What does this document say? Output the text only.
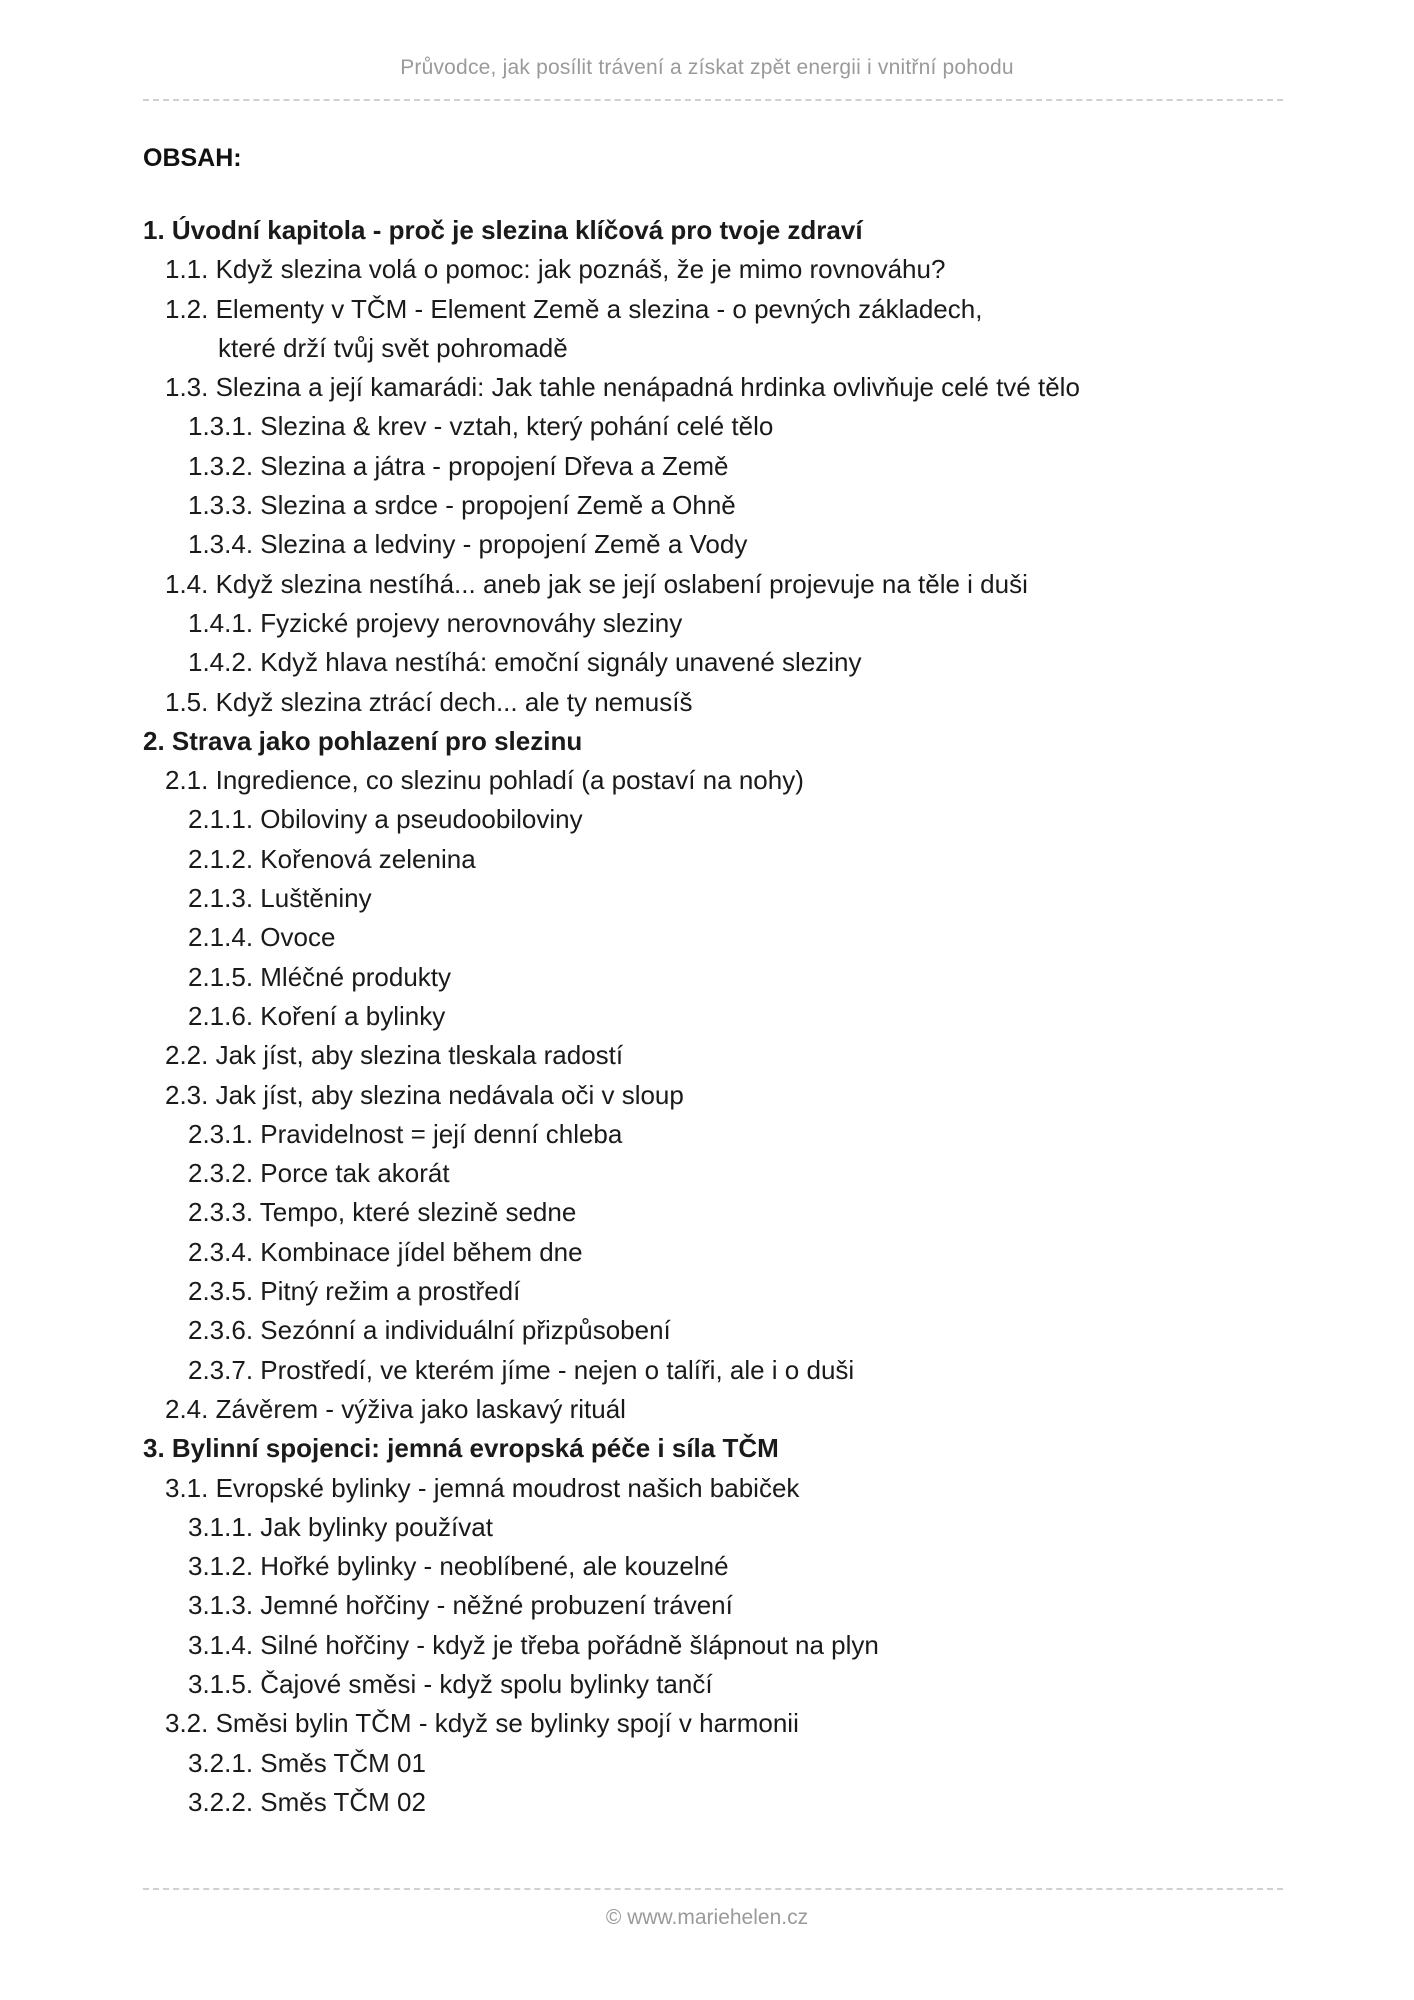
Průvodce, jak posílit trávení a získat zpět energii i vnitřní pohodu
OBSAH:
1. Úvodní kapitola - proč je slezina klíčová pro tvoje zdraví
1.1. Když slezina volá o pomoc: jak poznáš, že je mimo rovnováhu?
1.2. Elementy v TČM - Element Země a slezina - o pevných základech,
které drží tvůj svět pohromadě
1.3. Slezina a její kamarádi: Jak tahle nenápadná hrdinka ovlivňuje celé tvé tělo
1.3.1. Slezina & krev - vztah, který pohání celé tělo
1.3.2. Slezina a játra - propojení Dřeva a Země
1.3.3. Slezina a srdce - propojení Země a Ohně
1.3.4. Slezina a ledviny - propojení Země a Vody
1.4. Když slezina nestíhá... aneb jak se její oslabení projevuje na těle i duši
1.4.1. Fyzické projevy nerovnováhy sleziny
1.4.2. Když hlava nestíhá: emoční signály unavené sleziny
1.5. Když slezina ztrácí dech... ale ty nemusíš
2. Strava jako pohlazení pro slezinu
2.1. Ingredience, co slezinu pohladí (a postaví na nohy)
2.1.1. Obiloviny a pseudoobiloviny
2.1.2. Kořenová zelenina
2.1.3. Luštěniny
2.1.4. Ovoce
2.1.5. Mléčné produkty
2.1.6. Koření a bylinky
2.2. Jak jíst, aby slezina tleskala radostí
2.3. Jak jíst, aby slezina nedávala oči v sloup
2.3.1. Pravidelnost = její denní chleba
2.3.2. Porce tak akorát
2.3.3. Tempo, které slezině sedne
2.3.4. Kombinace jídel během dne
2.3.5. Pitný režim a prostředí
2.3.6. Sezónní a individuální přizpůsobení
2.3.7. Prostředí, ve kterém jíme - nejen o talíři, ale i o duši
2.4. Závěrem - výživa jako laskavý rituál
3. Bylinní spojenci: jemná evropská péče i síla TČM
3.1. Evropské bylinky - jemná moudrost našich babiček
3.1.1. Jak bylinky používat
3.1.2. Hořké bylinky - neoblíbené, ale kouzelné
3.1.3. Jemné hořčiny - něžné probuzení trávení
3.1.4. Silné hořčiny - když je třeba pořádně šlápnout na plyn
3.1.5. Čajové směsi - když spolu bylinky tančí
3.2. Směsi bylin TČM - když se bylinky spojí v harmonii
3.2.1. Směs TČM 01
3.2.2. Směs TČM 02
© www.mariehelen.cz
